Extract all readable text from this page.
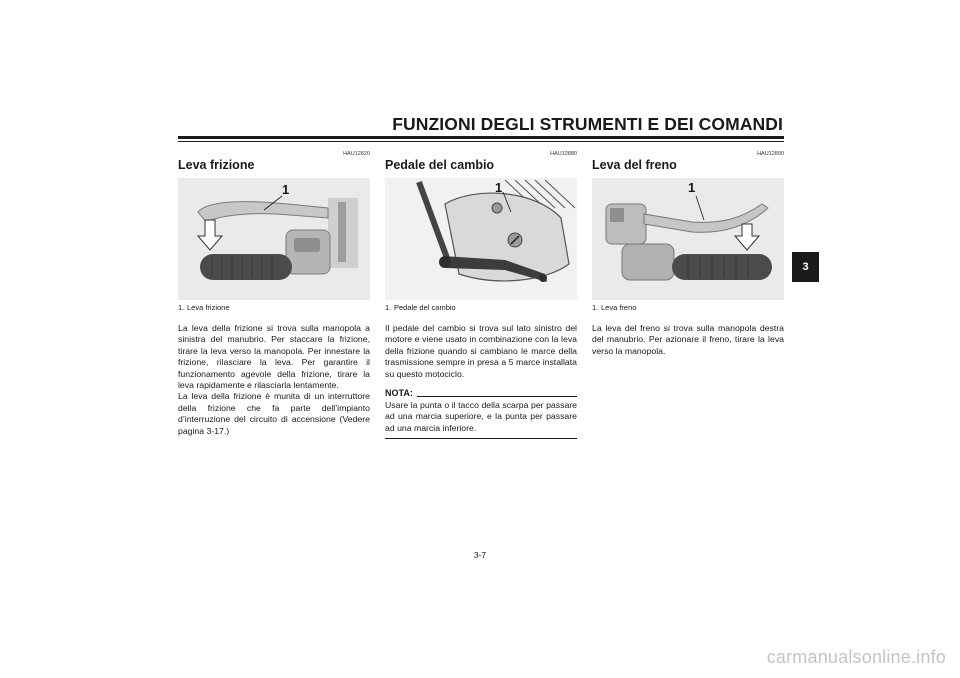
FUNZIONI DEGLI STRUMENTI E DEI COMANDI
3
HAU12820
Leva frizione
1
1. Leva frizione
La leva della frizione si trova sulla manopola a sinistra del manubrio. Per staccare la frizione, tirare la leva verso la manopola. Per innestare la frizione, rilasciare la leva. Per garantire il funzionamento agevole della frizione, tirare la leva rapidamente e rilasciarla lentamente.
La leva della frizione è munita di un interruttore della frizione che fa parte dell’impianto d’interruzione del circuito di accensione (Vedere pagina 3-17.)
HAU12880
Pedale del cambio
1
1. Pedale del cambio
Il pedale del cambio si trova sul lato sinistro del motore e viene usato in combinazione con la leva della frizione quando si cambiano le marce della trasmissione sempre in presa a 5 marce installata su questo motociclo.
NOTA:
Usare la punta o il tacco della scarpa per passare ad una marcia superiore, e la punta per passare ad una marcia inferiore.
HAU12890
Leva del freno
1
1. Leva freno
La leva del freno si trova sulla manopola destra del manubrio. Per azionare il freno, tirare la leva verso la manopola.
3-7
carmanualsonline.info
